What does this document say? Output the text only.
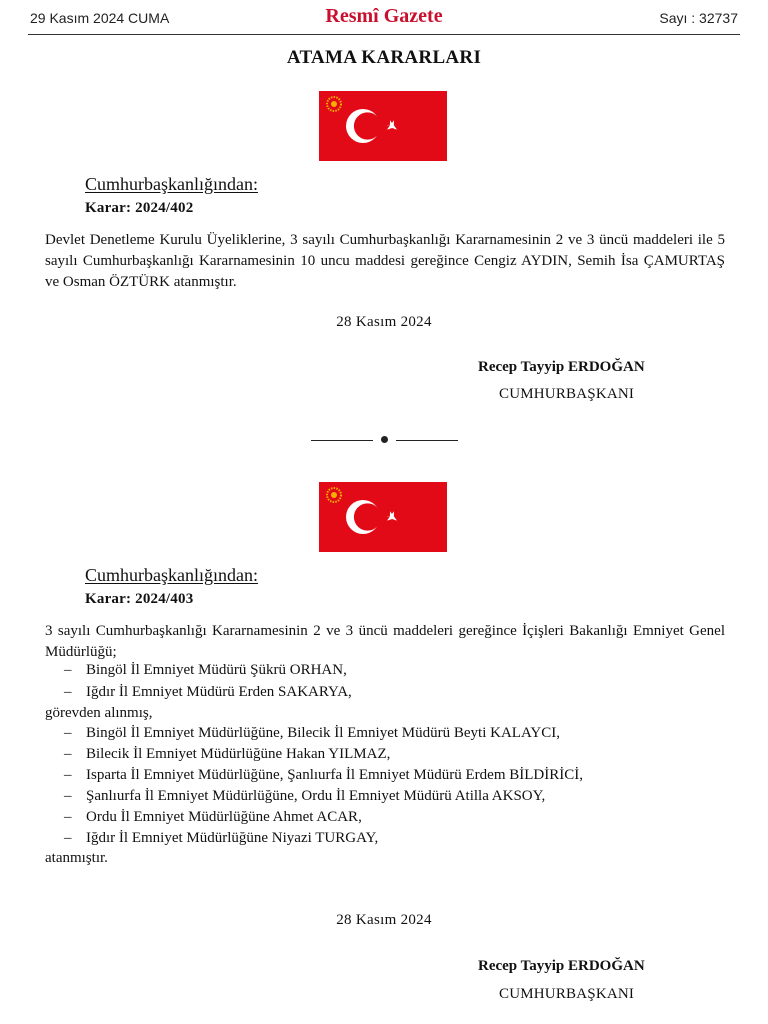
29 Kasım 2024 CUMA	Resmî Gazete	Sayı : 32737
ATAMA KARARLARI
Cumhurbaşkanlığından:
Karar: 2024/402
Devlet Denetleme Kurulu Üyeliklerine, 3 sayılı Cumhurbaşkanlığı Kararnamesinin 2 ve 3 üncü maddeleri ile 5 sayılı Cumhurbaşkanlığı Kararnamesinin 10 uncu maddesi gereğince Cengiz AYDIN, Semih İsa ÇAMURTAŞ ve Osman ÖZTÜRK atanmıştır.
28 Kasım 2024
Recep Tayyip ERDOĞAN
CUMHURBAŞKANI
Cumhurbaşkanlığından:
Karar: 2024/403
3 sayılı Cumhurbaşkanlığı Kararnamesinin 2 ve 3 üncü maddeleri gereğince İçişleri Bakanlığı Emniyet Genel Müdürlüğü;
– Bingöl İl Emniyet Müdürü Şükrü ORHAN,
– Iğdır İl Emniyet Müdürü Erden SAKARYA,
görevden alınmış,
– Bingöl İl Emniyet Müdürlüğüne, Bilecik İl Emniyet Müdürü Beyti KALAYCI,
– Bilecik İl Emniyet Müdürlüğüne Hakan YILMAZ,
– Isparta İl Emniyet Müdürlüğüne, Şanlıurfa İl Emniyet Müdürü Erdem BİLDİRİCİ,
– Şanlıurfa İl Emniyet Müdürlüğüne, Ordu İl Emniyet Müdürü Atilla AKSOY,
– Ordu İl Emniyet Müdürlüğüne Ahmet ACAR,
– Iğdır İl Emniyet Müdürlüğüne Niyazi TURGAY,
atanmıştır.
28 Kasım 2024
Recep Tayyip ERDOĞAN
CUMHURBAŞKANI
